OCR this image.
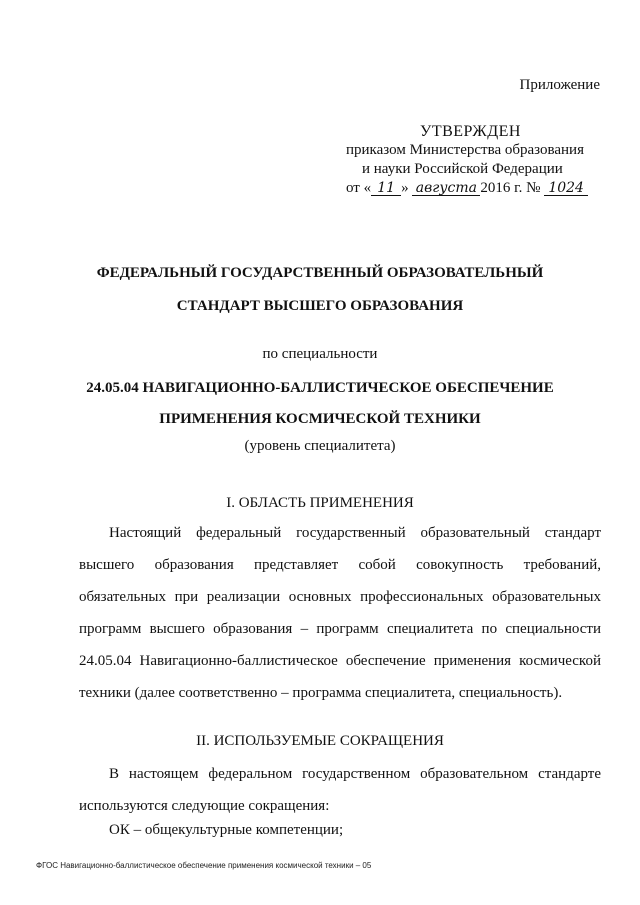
Приложение
УТВЕРЖДЕН
приказом Министерства образования
и науки Российской Федерации
от « 11 » августа 2016 г. № 1024
ФЕДЕРАЛЬНЫЙ ГОСУДАРСТВЕННЫЙ ОБРАЗОВАТЕЛЬНЫЙ
СТАНДАРТ ВЫСШЕГО ОБРАЗОВАНИЯ
по специальности
24.05.04 НАВИГАЦИОННО-БАЛЛИСТИЧЕСКОЕ ОБЕСПЕЧЕНИЕ
ПРИМЕНЕНИЯ КОСМИЧЕСКОЙ ТЕХНИКИ
(уровень специалитета)
I. ОБЛАСТЬ ПРИМЕНЕНИЯ

Настоящий федеральный государственный образовательный стандарт высшего образования представляет собой совокупность требований, обязательных при реализации основных профессиональных образовательных программ высшего образования – программ специалитета по специальности 24.05.04 Навигационно-баллистическое обеспечение применения космической техники (далее соответственно – программа специалитета, специальность).

II. ИСПОЛЬЗУЕМЫЕ СОКРАЩЕНИЯ

В настоящем федеральном государственном образовательном стандарте используются следующие сокращения:

ОК – общекультурные компетенции;
ФГОС Навигационно-баллистическое обеспечение применения космической техники – 05
